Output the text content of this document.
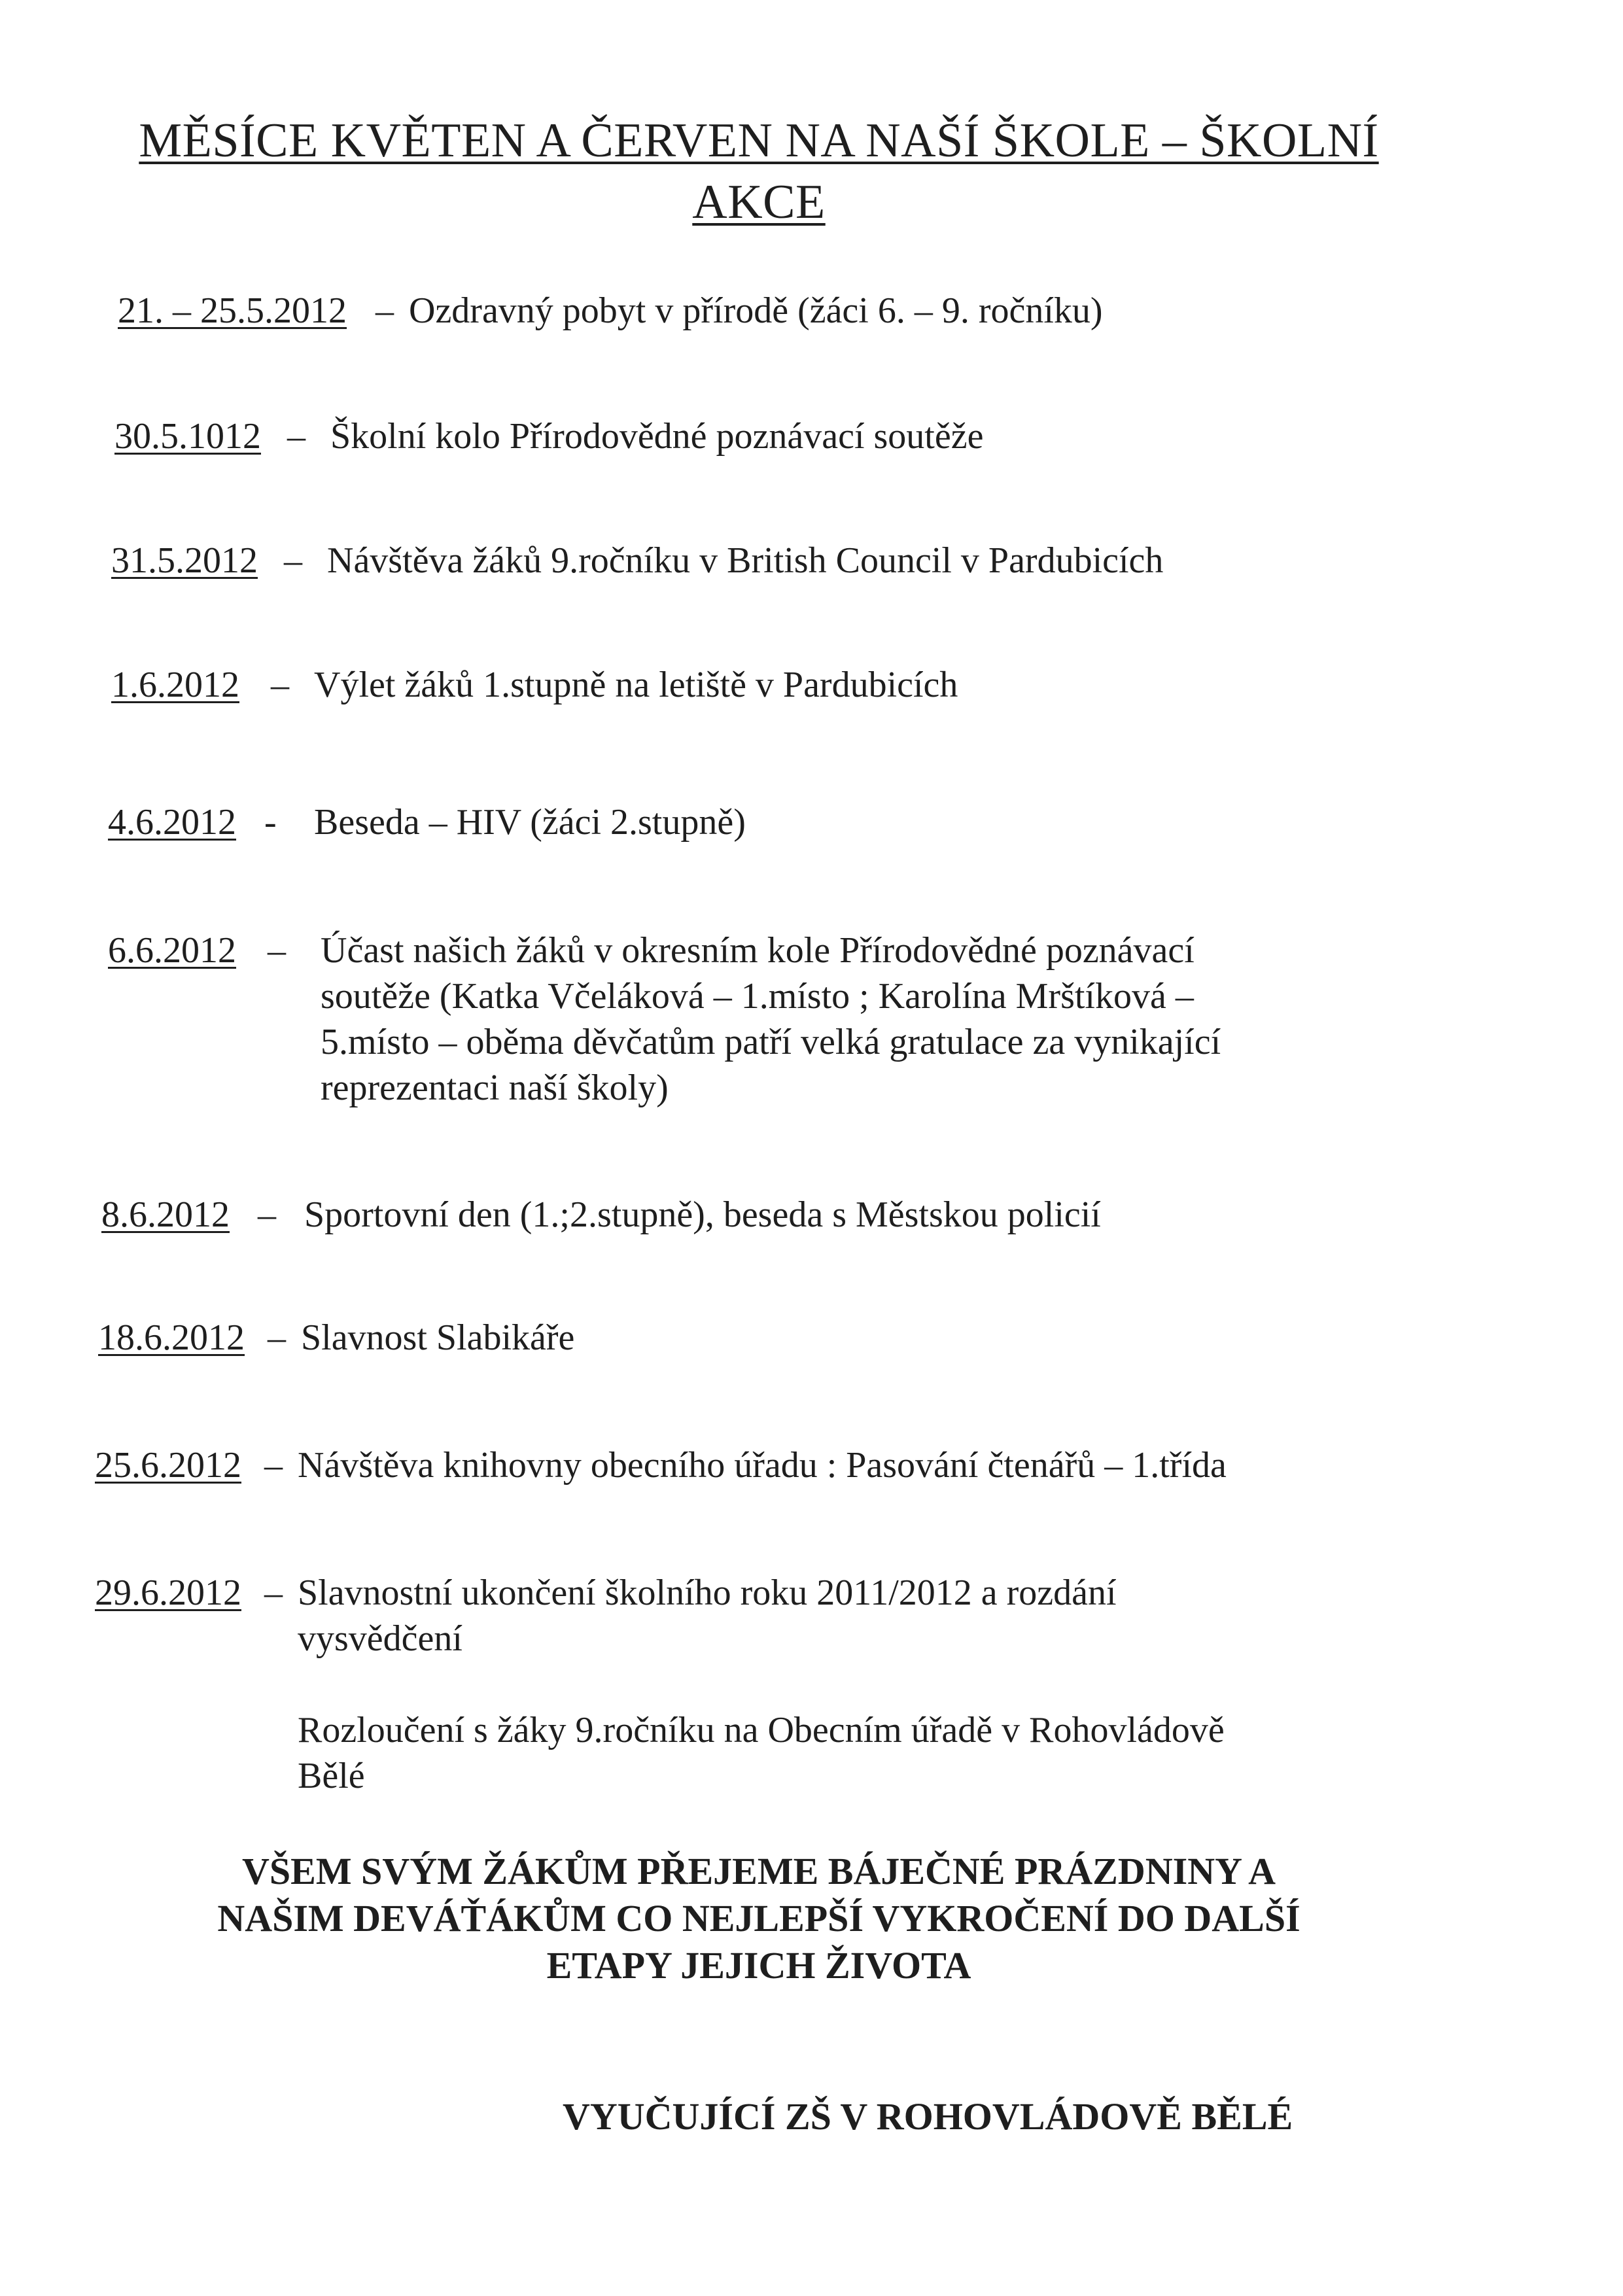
MĚSÍCE KVĚTEN A ČERVEN NA NAŠÍ ŠKOLE – ŠKOLNÍ
AKCE
21. – 25.5.2012 – Ozdravný pobyt v přírodě (žáci 6. – 9. ročníku)
30.5.1012 – Školní kolo Přírodovědné poznávací soutěže
31.5.2012 – Návštěva žáků 9.ročníku v British Council v Pardubicích
1.6.2012 – Výlet žáků 1.stupně na letiště v Pardubicích
4.6.2012 - Beseda – HIV (žáci 2.stupně)
6.6.2012 – Účast našich žáků v okresním kole Přírodovědné poznávací
soutěže (Katka Včeláková – 1.místo ; Karolína Mrštíková –
5.místo – oběma děvčatům patří velká gratulace za vynikající
reprezentaci naší školy)
8.6.2012 – Sportovní den (1.;2.stupně), beseda s Městskou policií
18.6.2012 – Slavnost Slabikáře
25.6.2012 – Návštěva knihovny obecního úřadu : Pasování čtenářů – 1.třída
29.6.2012 – Slavnostní ukončení školního roku 2011/2012 a rozdání
vysvědčení

Rozloučení s žáky 9.ročníku na Obecním úřadě v Rohovládově
Bělé
VŠEM SVÝM ŽÁKŮM PŘEJEME BÁJEČNÉ PRÁZDNINY A
NAŠIM DEVÁŤÁKŮM CO NEJLEPŠÍ VYKROČENÍ DO DALŠÍ
ETAPY JEJICH ŽIVOTA
VYUČUJÍCÍ ZŠ V ROHOVLÁDOVĚ BĚLÉ
